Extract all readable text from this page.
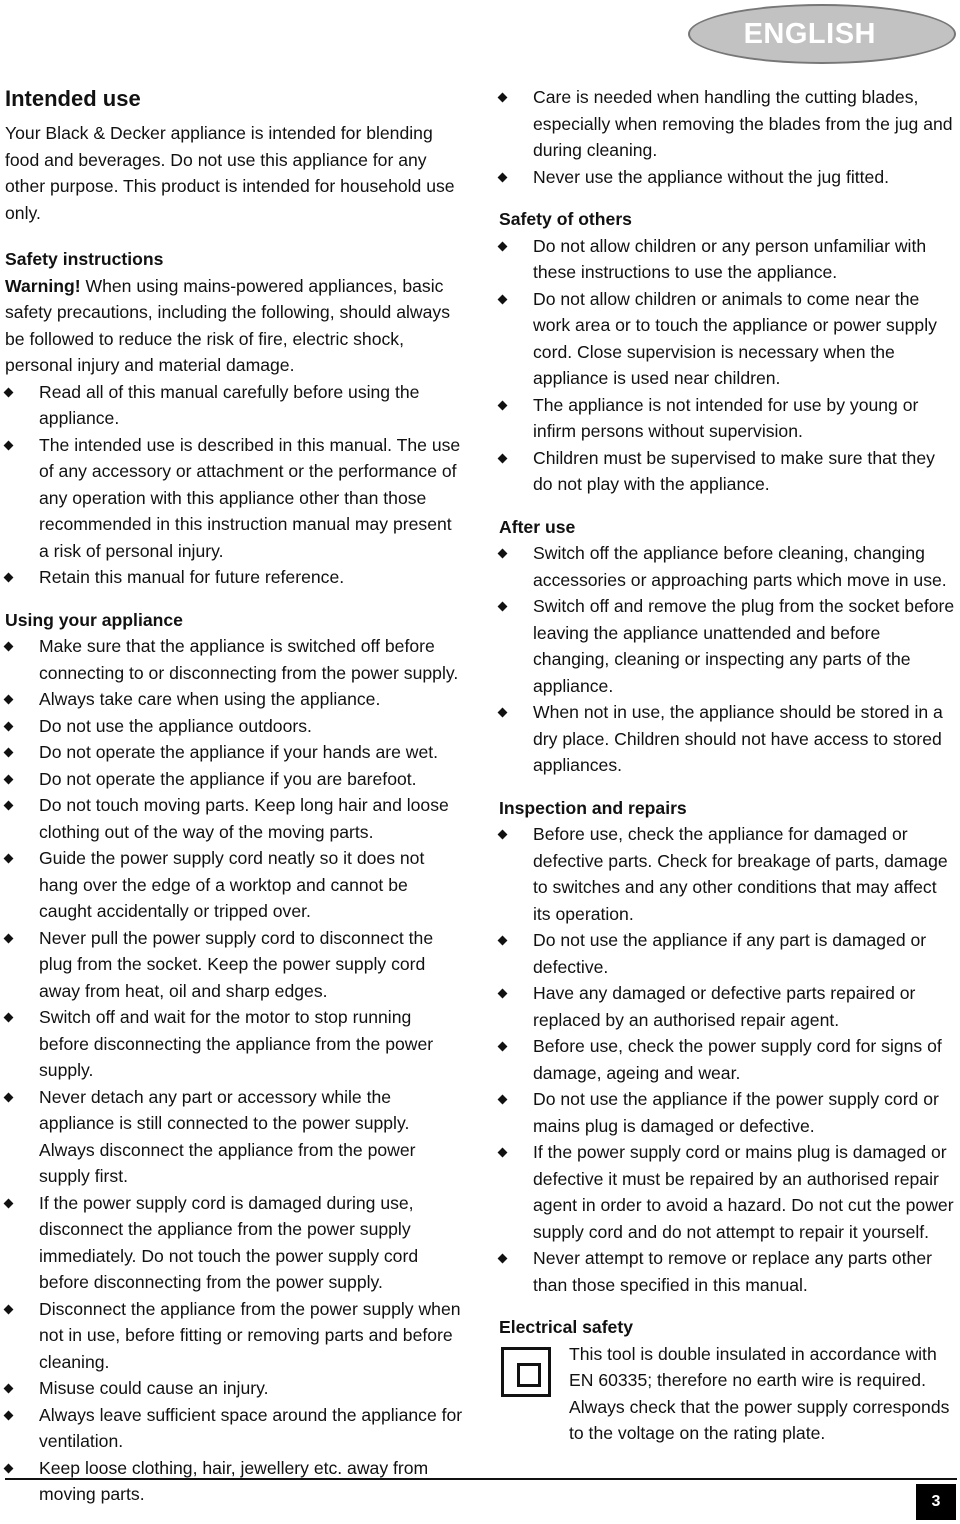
ENGLISH
Intended use

Your Black & Decker appliance is intended for blending food and beverages. Do not use this appliance for any other purpose. This product is intended for household use only.

Safety instructions

Warning! When using mains-powered appliances, basic safety precautions, including the following, should always be followed to reduce the risk of fire, electric shock, personal injury and material damage.

Read all of this manual carefully before using the appliance.
The intended use is described in this manual. The use of any accessory or attachment or the performance of any operation with this appliance other than those recommended in this instruction manual may present a risk of personal injury.
Retain this manual for future reference.
Using your appliance
Make sure that the appliance is switched off before connecting to or disconnecting from the power supply.
Always take care when using the appliance.
Do not use the appliance outdoors.
Do not operate the appliance if your hands are wet.
Do not operate the appliance if you are barefoot.
Do not touch moving parts. Keep long hair and loose clothing out of the way of the moving parts.
Guide the power supply cord neatly so it does not hang over the edge of a worktop and cannot be caught accidentally or tripped over.
Never pull the power supply cord to disconnect the plug from the socket. Keep the power supply cord away from heat, oil and sharp edges.
Switch off and wait for the motor to stop running before disconnecting the appliance from the power supply.
Never detach any part or accessory while the appliance is still connected to the power supply. Always disconnect the appliance from the power supply first.
If the power supply cord is damaged during use, disconnect the appliance from the power supply immediately. Do not touch the power supply cord before disconnecting from the power supply.
Disconnect the appliance from the power supply when not in use, before fitting or removing parts and before cleaning.
Misuse could cause an injury.
Always leave sufficient space around the appliance for ventilation.
Keep loose clothing, hair, jewellery etc. away from moving parts.
Care is needed when handling the cutting blades, especially when removing the blades from the jug and during cleaning.
Never use the appliance without the jug fitted.
Safety of others
Do not allow children or any person unfamiliar with these instructions to use the appliance.
Do not allow children or animals to come near the work area or to touch the appliance or power supply cord. Close supervision is necessary when the appliance is used near children.
The appliance is not intended for use by young or infirm persons without supervision.
Children must be supervised to make sure that they do not play with the appliance.
After use
Switch off the appliance before cleaning, changing accessories or approaching parts which move in use.
Switch off and remove the plug from the socket before leaving the appliance unattended and before changing, cleaning or inspecting any parts of the appliance.
When not in use, the appliance should be stored in a dry place. Children should not have access to stored appliances.
Inspection and repairs
Before use, check the appliance for damaged or defective parts. Check for breakage of parts, damage to switches and any other conditions that may affect its operation.
Do not use the appliance if any part is damaged or defective.
Have any damaged or defective parts repaired or replaced by an authorised repair agent.
Before use, check the power supply cord for signs of damage, ageing and wear.
Do not use the appliance if the power supply cord or mains plug is damaged or defective.
If the power supply cord or mains plug is damaged or defective it must be repaired by an authorised repair agent in order to avoid a hazard. Do not cut the power supply cord and do not attempt to repair it yourself.
Never attempt to remove or replace any parts other than those specified in this manual.
Electrical safety

This tool is double insulated in accordance with EN 60335; therefore no earth wire is required. Always check that the power supply corresponds to the voltage on the rating plate.

3
